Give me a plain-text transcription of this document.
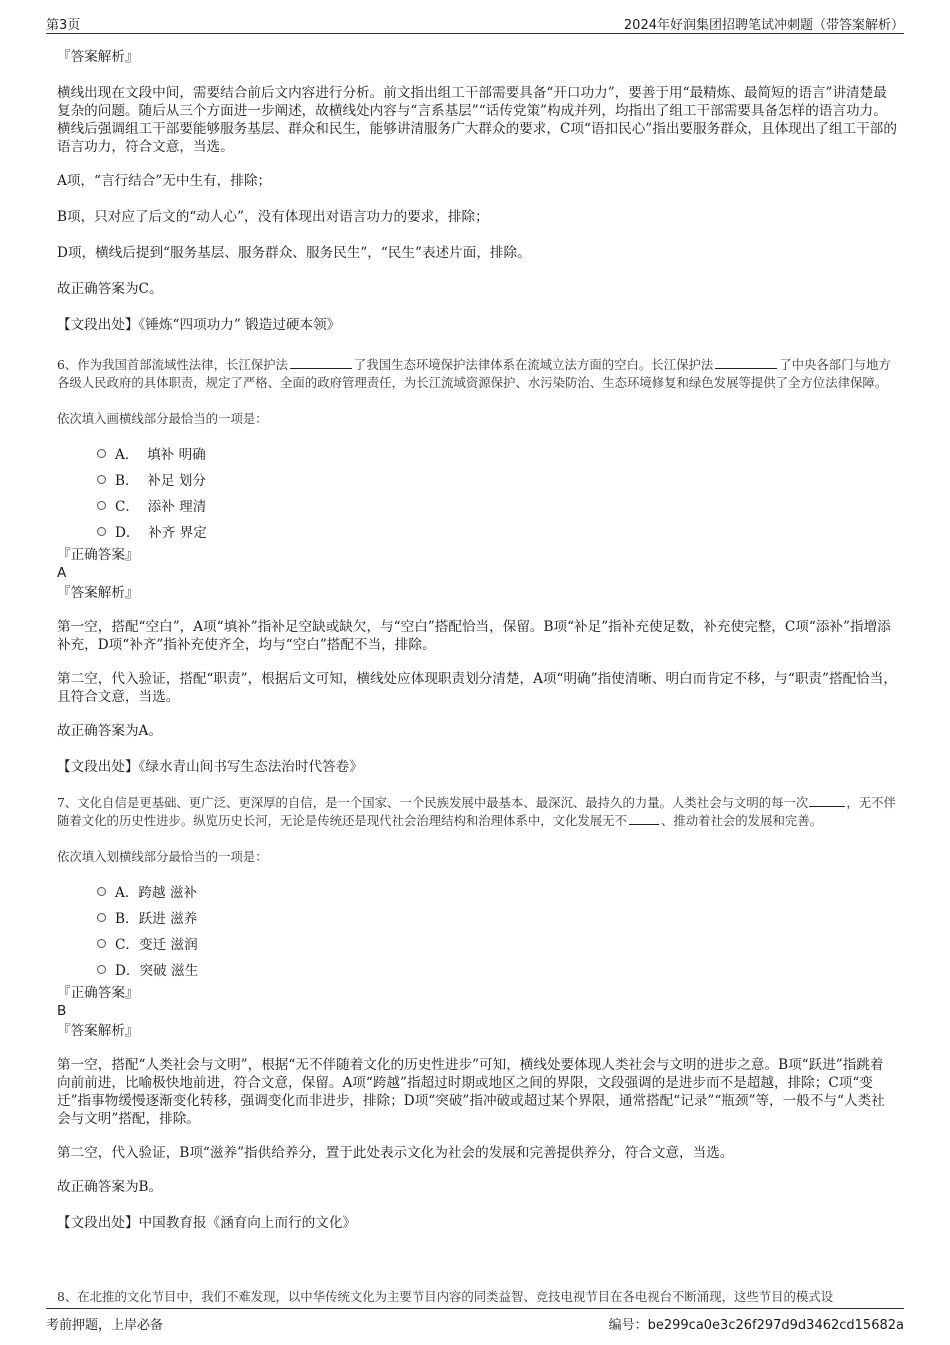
第3页	2024年好润集团招聘笔试冲刺题（带答案解析）

『答案解析』

横线出现在文段中间，需要结合前后文内容进行分析。前文指出组工干部需要具备“开口功力”，要善于用“最精炼、最简短的语言”讲清楚最复杂的问题。随后从三个方面进一步阐述，故横线处内容与“言系基层”“话传党策”构成并列，均指出了组工干部需要具备怎样的语言功力。横线后强调组工干部要能够服务基层、群众和民生，能够讲清服务广大群众的要求，C项“语扣民心”指出要服务群众，且体现出了组工干部的语言功力，符合文意，当选。

A项，“言行结合”无中生有，排除；

B项，只对应了后文的“动人心”，没有体现出对语言功力的要求，排除；

D项，横线后提到“服务基层、服务群众、服务民生”，“民生”表述片面，排除。

故正确答案为C。

【文段出处】《锤炼“四项功力” 锻造过硬本领》

6、作为我国首部流域性法律，长江保护法	了我国生态环境保护法律体系在流域立法方面的空白。长江保护法	了中央各部门与地方各级人民政府的具体职责，规定了严格、全面的政府管理责任，为长江流域资源保护、水污染防治、生态环境修复和绿色发展等提供了全方位法律保障。

依次填入画横线部分最恰当的一项是：

A．
填补 明确
B．
补足 划分
C．
添补 理清
D．
补齐 界定

『正确答案』

A

『答案解析』

第一空，搭配“空白”，A项“填补”指补足空缺或缺欠，与“空白”搭配恰当，保留。B项“补足”指补充使足数，补充使完整，C项“添补”指增添补充，D项“补齐”指补充使齐全，均与“空白”搭配不当，排除。

第二空，代入验证，搭配“职责”，根据后文可知，横线处应体现职责划分清楚，A项“明确”指使清晰、明白而肯定不移，与“职责”搭配恰当，且符合文意，当选。

故正确答案为A。

【文段出处】《绿水青山间书写生态法治时代答卷》

7、文化自信是更基础、更广泛、更深厚的自信，是一个国家、一个民族发展中最基本、最深沉、最持久的力量。人类社会与文明的每一次	，无不伴随着文化的历史性进步。纵览历史长河，无论是传统还是现代社会治理结构和治理体系中，文化发展无不	、推动着社会的发展和完善。

依次填入划横线部分最恰当的一项是：

A． 跨越 滋补
B． 跃进 滋养
C． 变迁 滋润
D． 突破 滋生

『正确答案』

B

『答案解析』

第一空，搭配“人类社会与文明”，根据“无不伴随着文化的历史性进步”可知，横线处要体现人类社会与文明的进步之意。B项“跃进”指跳着向前前进，比喻极快地前进，符合文意，保留。A项“跨越”指超过时期或地区之间的界限，文段强调的是进步而不是超越，排除；C项“变迁”指事物缓慢逐渐变化转移，强调变化而非进步，排除；D项“突破”指冲破或超过某个界限，通常搭配“记录”“瓶颈”等，一般不与“人类社会与文明”搭配，排除。

第二空，代入验证，B项“滋养”指供给养分，置于此处表示文化为社会的发展和完善提供养分，符合文意，当选。

故正确答案为B。

【文段出处】中国教育报《涵育向上而行的文化》

8、在北推的文化节目中，我们不难发现，以中华传统文化为主要节目内容的同类益智、竞技电视节目在各电视台不断涌现，这些节目的模式设
考前押题，上岸必备	编号：be299ca0e3c26f297d9d3462cd15682a
